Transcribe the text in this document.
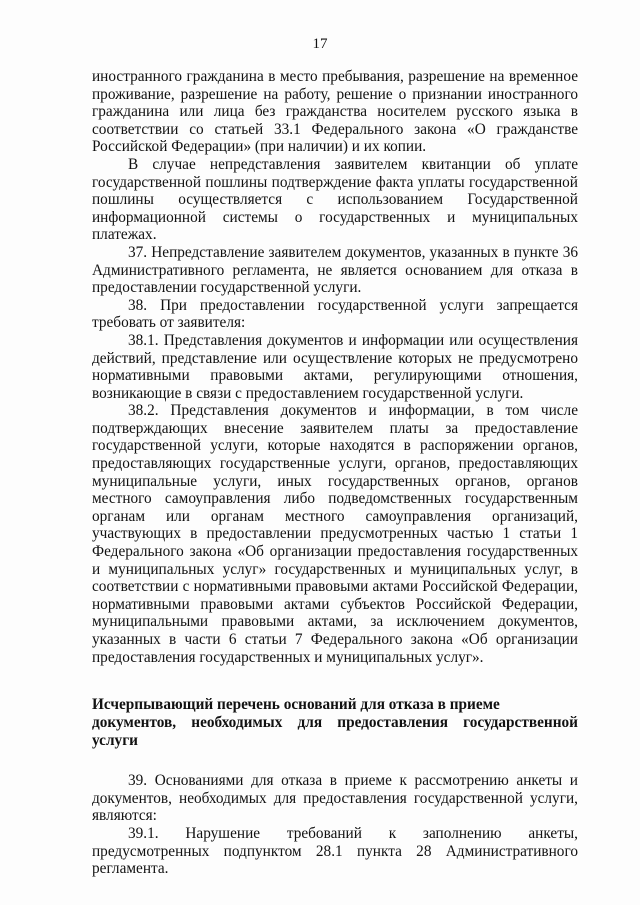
17

иностранного гражданина в место пребывания, разрешение на временное проживание, разрешение на работу, решение о признании иностранного гражданина или лица без гражданства носителем русского языка в соответствии со статьей 33.1 Федерального закона «О гражданстве Российской Федерации» (при наличии) и их копии.

В случае непредставления заявителем квитанции об уплате государственной пошлины подтверждение факта уплаты государственной пошлины осуществляется с использованием Государственной информационной системы о государственных и муниципальных платежах.

37. Непредставление заявителем документов, указанных в пункте 36 Административного регламента, не является основанием для отказа в предоставлении государственной услуги.

38. При предоставлении государственной услуги запрещается требовать от заявителя:

38.1. Представления документов и информации или осуществления действий, представление или осуществление которых не предусмотрено нормативными правовыми актами, регулирующими отношения, возникающие в связи с предоставлением государственной услуги.

38.2. Представления документов и информации, в том числе подтверждающих внесение заявителем платы за предоставление государственной услуги, которые находятся в распоряжении органов, предоставляющих государственные услуги, органов, предоставляющих муниципальные услуги, иных государственных органов, органов местного самоуправления либо подведомственных государственным органам или органам местного самоуправления организаций, участвующих в предоставлении предусмотренных частью 1 статьи 1 Федерального закона «Об организации предоставления государственных и муниципальных услуг» государственных и муниципальных услуг, в соответствии с нормативными правовыми актами Российской Федерации, нормативными правовыми актами субъектов Российской Федерации, муниципальными правовыми актами, за исключением документов, указанных в части 6 статьи 7 Федерального закона «Об организации предоставления государственных и муниципальных услуг».

Исчерпывающий перечень оснований для отказа в приеме
документов, необходимых для предоставления государственной услуги

39. Основаниями для отказа в приеме к рассмотрению анкеты и документов, необходимых для предоставления государственной услуги, являются:

39.1. Нарушение требований к заполнению анкеты, предусмотренных подпунктом 28.1 пункта 28 Административного регламента.
